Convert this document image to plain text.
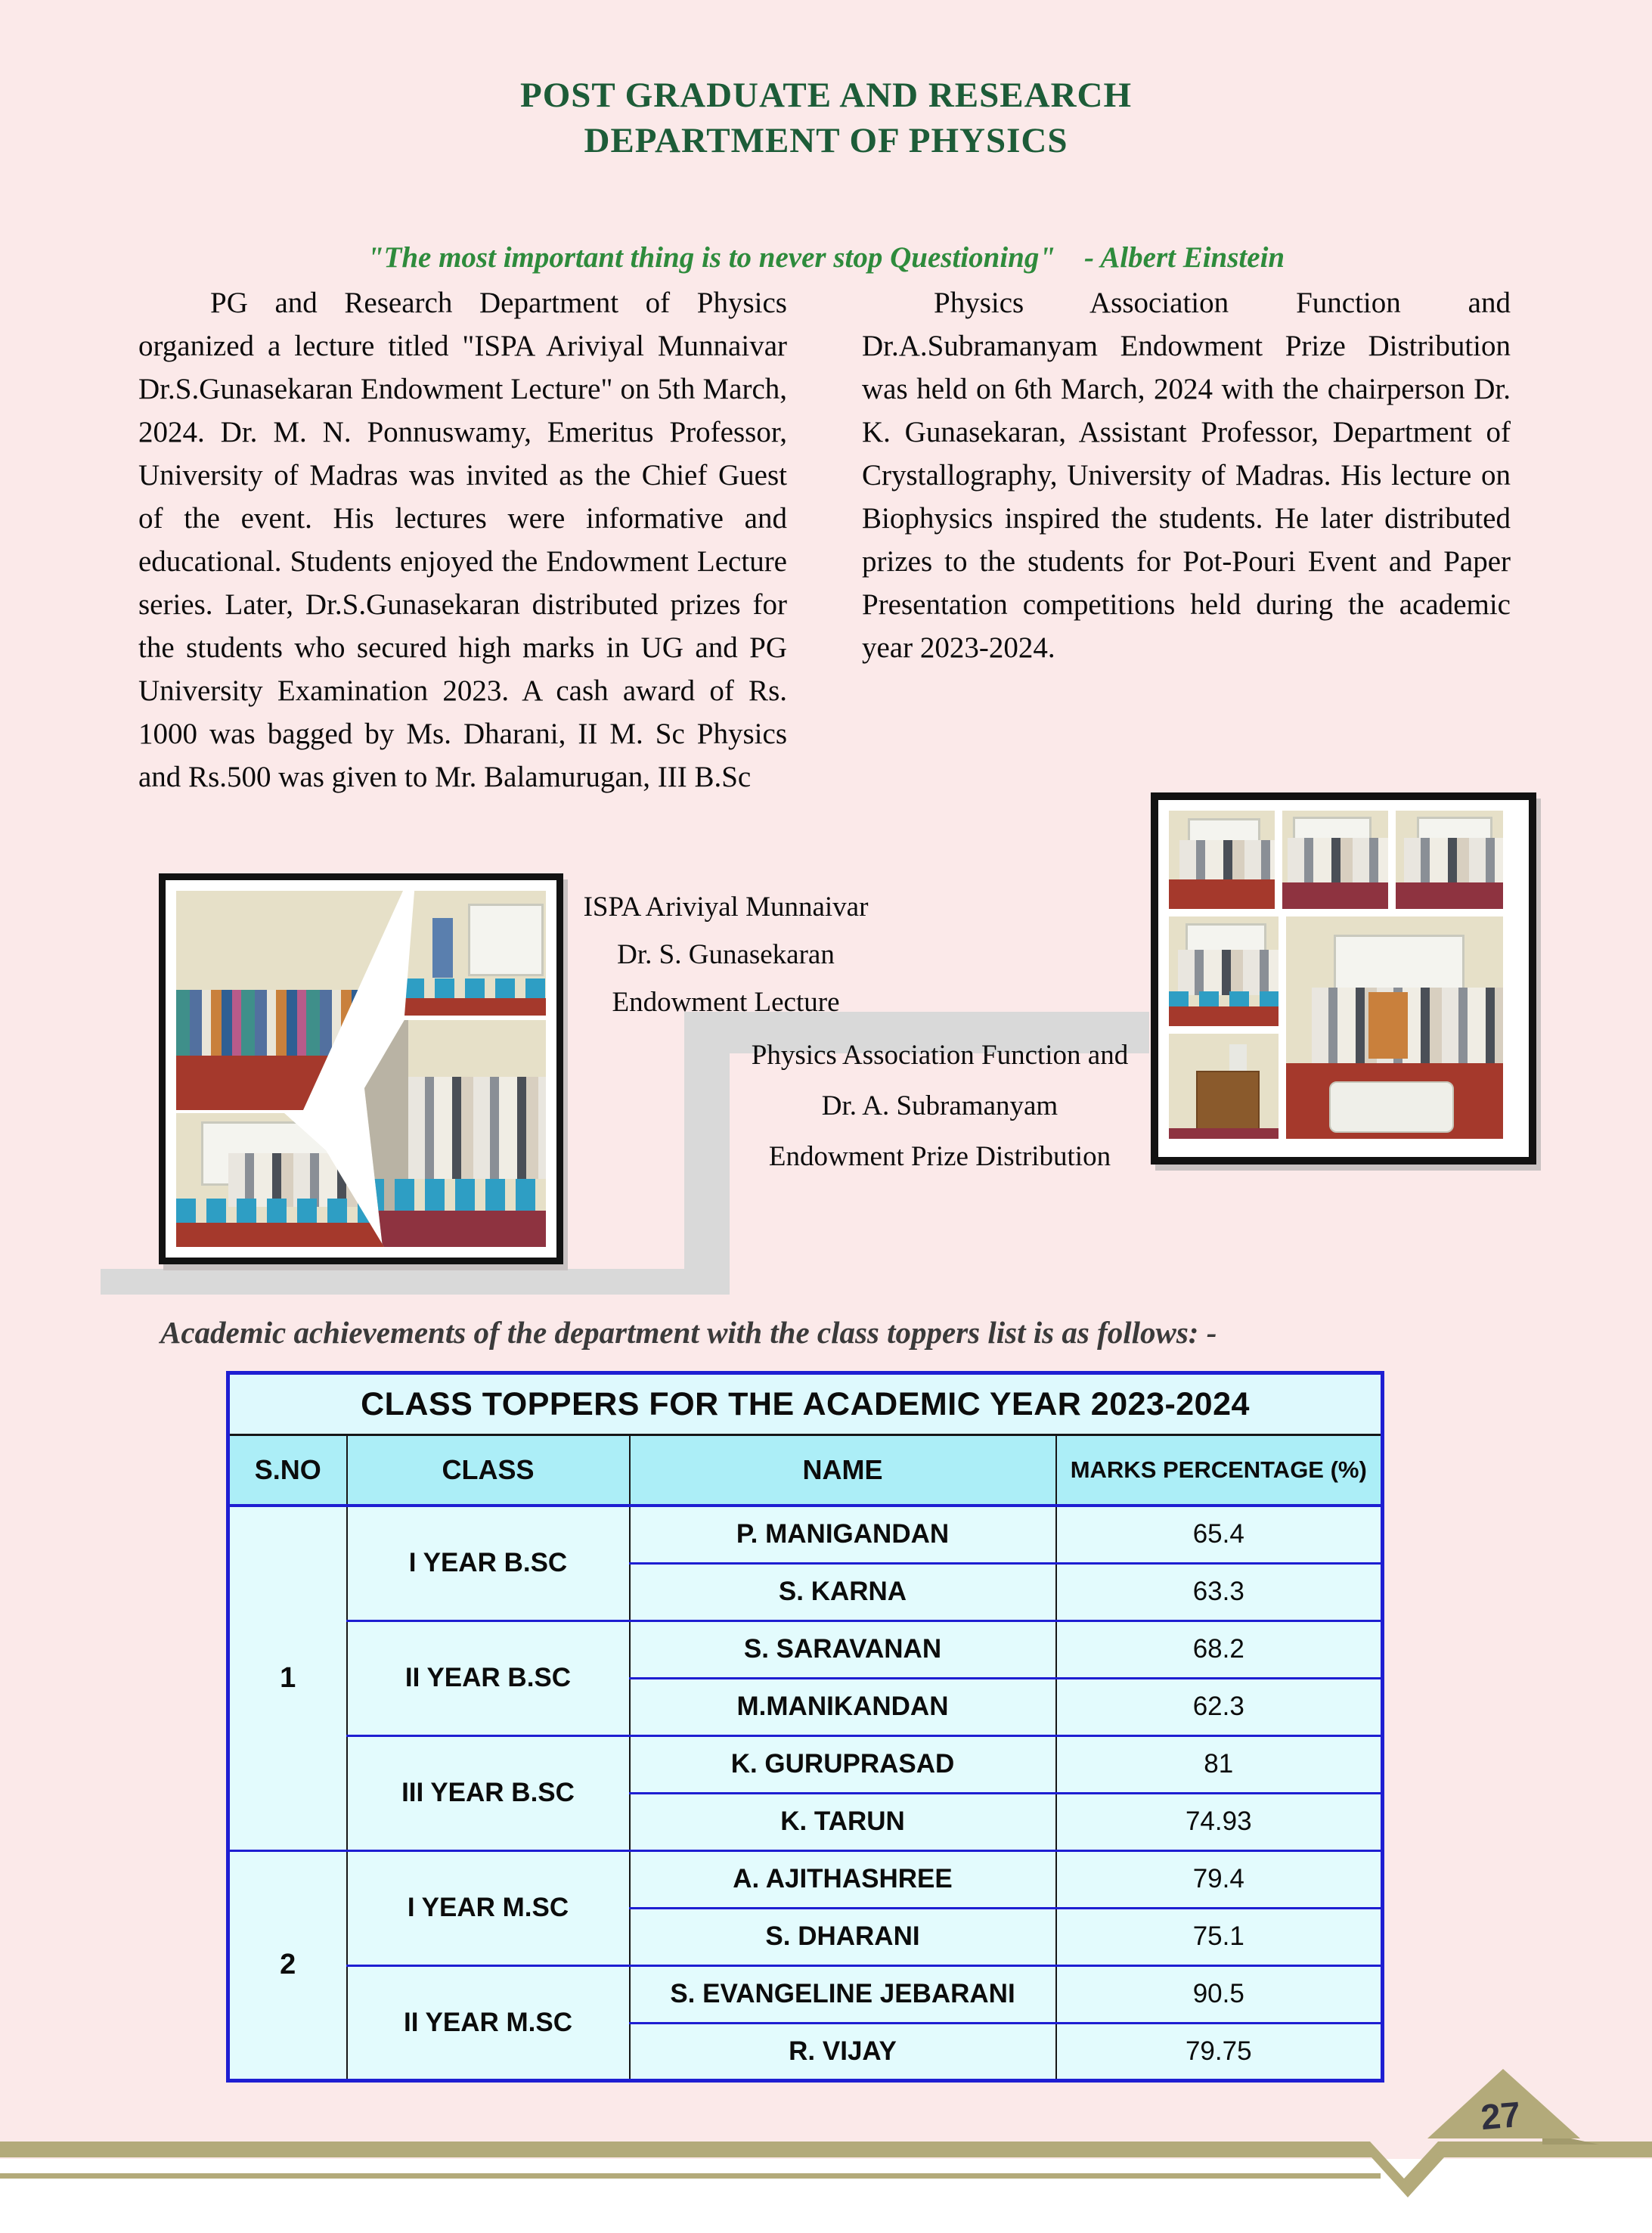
POST GRADUATE AND RESEARCH
DEPARTMENT OF PHYSICS
"The most important thing is to never stop Questioning" - Albert Einstein

PG and Research Department of Physics organized a lecture titled "ISPA Ariviyal Munnaivar Dr.S.Gunasekaran Endowment Lecture" on 5th March, 2024. Dr. M. N. Ponnuswamy, Emeritus Professor, University of Madras was invited as the Chief Guest of the event. His lectures were informative and educational. Students enjoyed the Endowment Lecture series. Later, Dr.S.Gunasekaran distributed prizes for the students who secured high marks in UG and PG University Examination 2023. A cash award of Rs. 1000 was bagged by Ms. Dharani, II M. Sc Physics and Rs.500 was given to Mr. Balamurugan, III B.Sc

Physics Association Function and Dr.A.Subramanyam Endowment Prize Distribution was held on 6th March, 2024 with the chairperson Dr. K. Gunasekaran, Assistant Professor, Department of Crystallography, University of Madras. His lecture on Biophysics inspired the students. He later distributed prizes to the students for Pot-Pouri Event and Paper Presentation competitions held during the academic year 2023-2024.

ISPA Ariviyal Munnaivar
Dr. S. Gunasekaran
Endowment Lecture
Physics Association Function and
Dr. A. Subramanyam
Endowment Prize Distribution
Academic achievements of the department with the class toppers list is as follows: -
CLASS TOPPERS FOR THE ACADEMIC YEAR 2023-2024			
S.NO	CLASS	NAME	MARKS PERCENTAGE (%)
1	I YEAR B.SC	P. MANIGANDAN	65.4
		S. KARNA	63.3
	II YEAR B.SC	S. SARAVANAN	68.2
		M.MANIKANDAN	62.3
	III YEAR B.SC	K. GURUPRASAD	81
		K. TARUN	74.93
2	I YEAR M.SC	A. AJITHASHREE	79.4
		S. DHARANI	75.1
	II YEAR M.SC	S. EVANGELINE JEBARANI	90.5
		R. VIJAY	79.75
27
